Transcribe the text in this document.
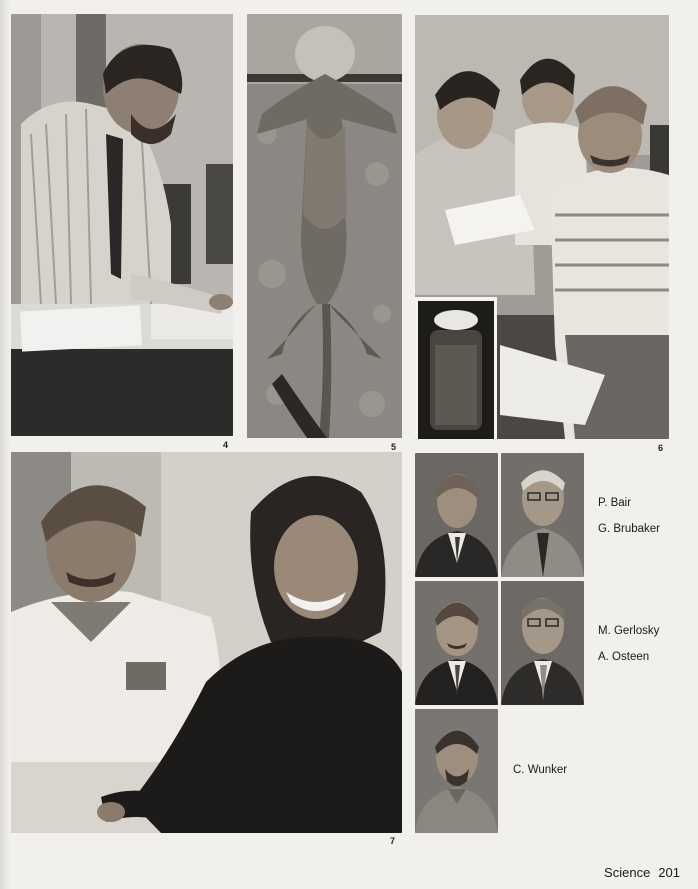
4	5	6
7
P. Bair
G. Brubaker
M. Gerlosky
A. Osteen
C. Wunker
Science 201
